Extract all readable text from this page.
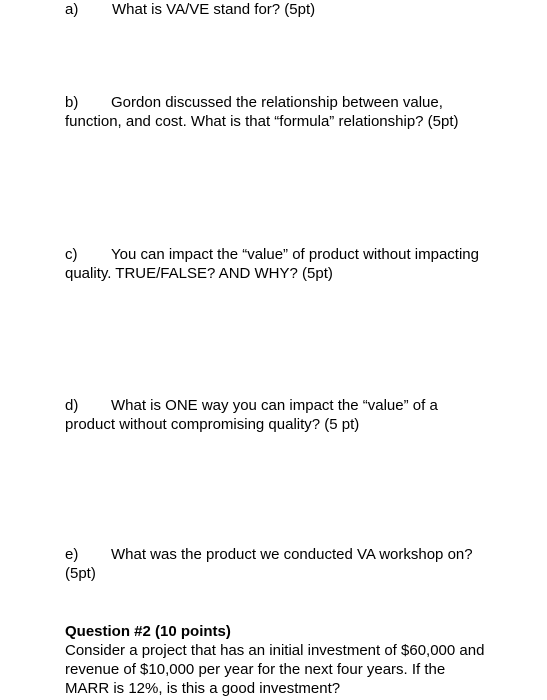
a) What is VA/VE stand for? (5pt)

b) Gordon discussed the relationship between value, function, and cost. What is that “formula” relationship? (5pt)

c) You can impact the “value” of product without impacting quality. TRUE/FALSE? AND WHY? (5pt)

d) What is ONE way you can impact the “value” of a product without compromising quality? (5 pt)

e) What was the product we conducted VA workshop on? (5pt)

Question #2 (10 points)
Consider a project that has an initial investment of $60,000 and revenue of $10,000 per year for the next four years. If the MARR is 12%, is this a good investment?
